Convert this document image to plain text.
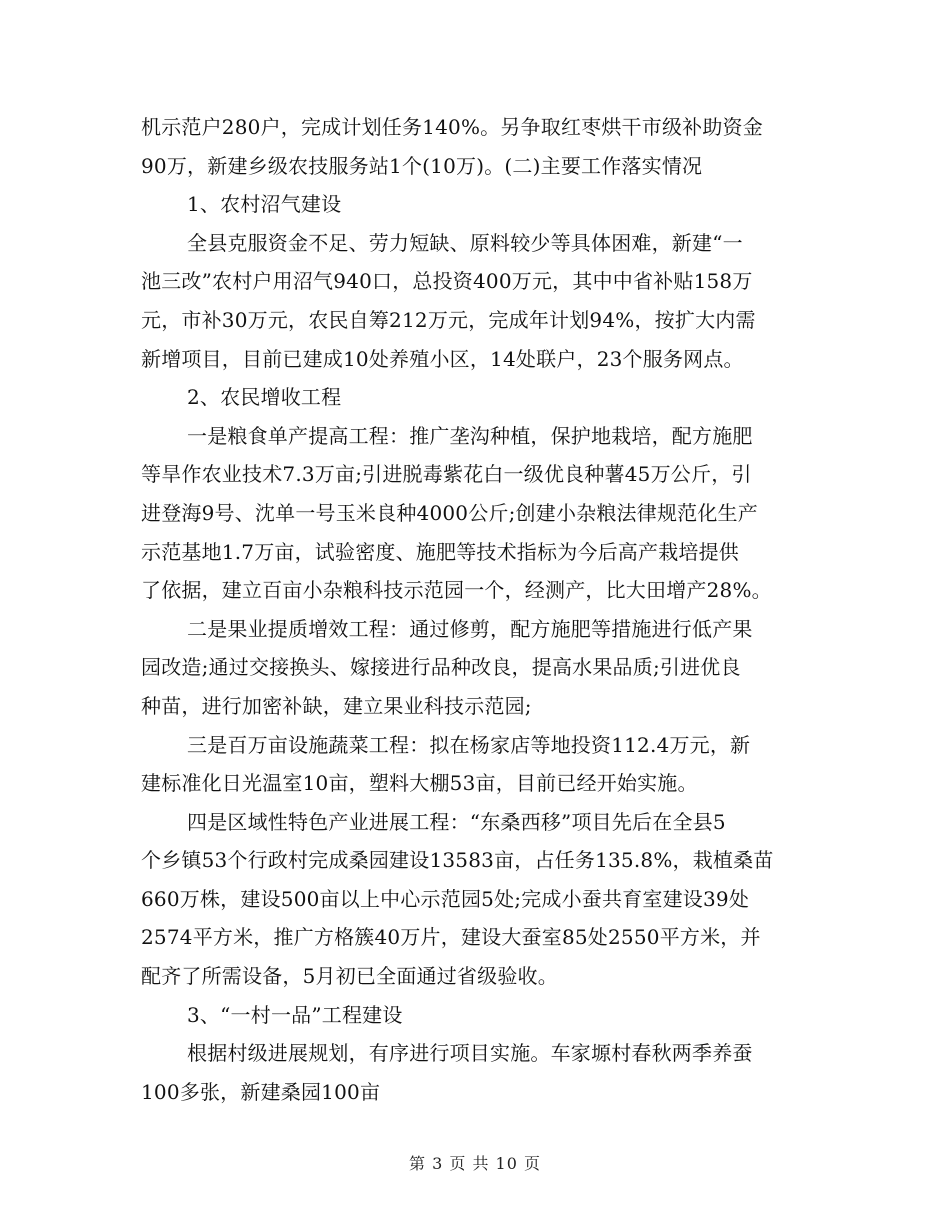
机示范户280户，完成计划任务140%。另争取红枣烘干市级补助资金
90万，新建乡级农技服务站1个(10万)。(二)主要工作落实情况
1、农村沼气建设
全县克服资金不足、劳力短缺、原料较少等具体困难，新建“一
池三改”农村户用沼气940口，总投资400万元，其中中省补贴158万
元，市补30万元，农民自筹212万元，完成年计划94%，按扩大内需
新增项目，目前已建成10处养殖小区，14处联户，23个服务网点。
2、农民增收工程
一是粮食单产提高工程：推广垄沟种植，保护地栽培，配方施肥
等旱作农业技术7.3万亩;引进脱毒紫花白一级优良种薯45万公斤，引
进登海9号、沈单一号玉米良种4000公斤;创建小杂粮法律规范化生产
示范基地1.7万亩，试验密度、施肥等技术指标为今后高产栽培提供
了依据，建立百亩小杂粮科技示范园一个，经测产，比大田增产28%。
二是果业提质增效工程：通过修剪，配方施肥等措施进行低产果
园改造;通过交接换头、嫁接进行品种改良，提高水果品质;引进优良
种苗，进行加密补缺，建立果业科技示范园;
三是百万亩设施蔬菜工程：拟在杨家店等地投资112.4万元，新
建标准化日光温室10亩，塑料大棚53亩，目前已经开始实施。
四是区域性特色产业进展工程：“东桑西移”项目先后在全县5
个乡镇53个行政村完成桑园建设13583亩，占任务135.8%，栽植桑苗
660万株，建设500亩以上中心示范园5处;完成小蚕共育室建设39处
2574平方米，推广方格簇40万片，建设大蚕室85处2550平方米，并
配齐了所需设备，5月初已全面通过省级验收。
3、“一村一品”工程建设
根据村级进展规划，有序进行项目实施。车家塬村春秋两季养蚕
100多张，新建桑园100亩
第 3 页 共 10 页
